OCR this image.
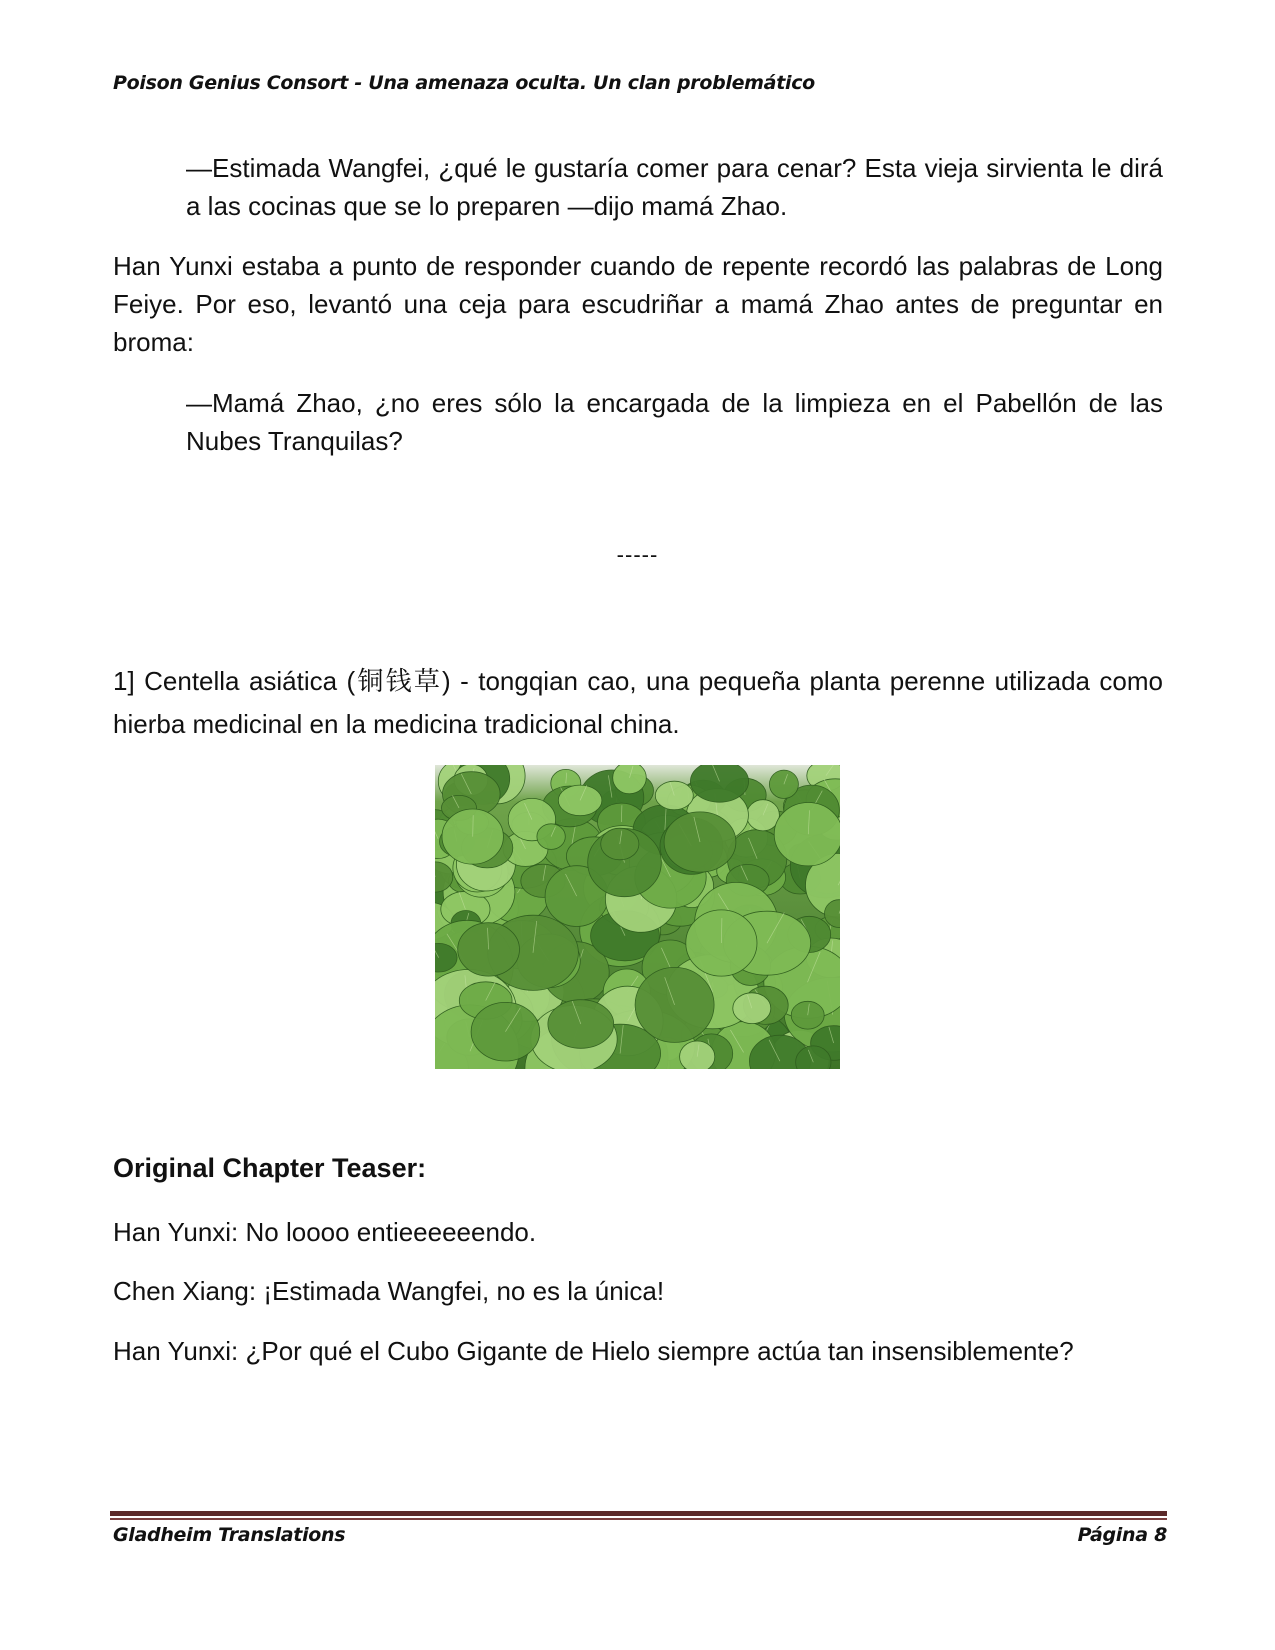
Poison Genius Consort - Una amenaza oculta. Un clan problemático

—Estimada Wangfei, ¿qué le gustaría comer para cenar? Esta vieja sirvienta le dirá a las cocinas que se lo preparen —dijo mamá Zhao.

Han Yunxi estaba a punto de responder cuando de repente recordó las palabras de Long Feiye. Por eso, levantó una ceja para escudriñar a mamá Zhao antes de preguntar en broma:

—Mamá Zhao, ¿no eres sólo la encargada de la limpieza en el Pabellón de las Nubes Tranquilas?

-----

1] Centella asiática (铜钱草) - tongqian cao, una pequeña planta perenne utilizada como hierba medicinal en la medicina tradicional china.

Original Chapter Teaser:

Han Yunxi: No loooo entieeeeeendo.

Chen Xiang: ¡Estimada Wangfei, no es la única!

Han Yunxi: ¿Por qué el Cubo Gigante de Hielo siempre actúa tan insensiblemente?

Gladheim Translations	Página 8
